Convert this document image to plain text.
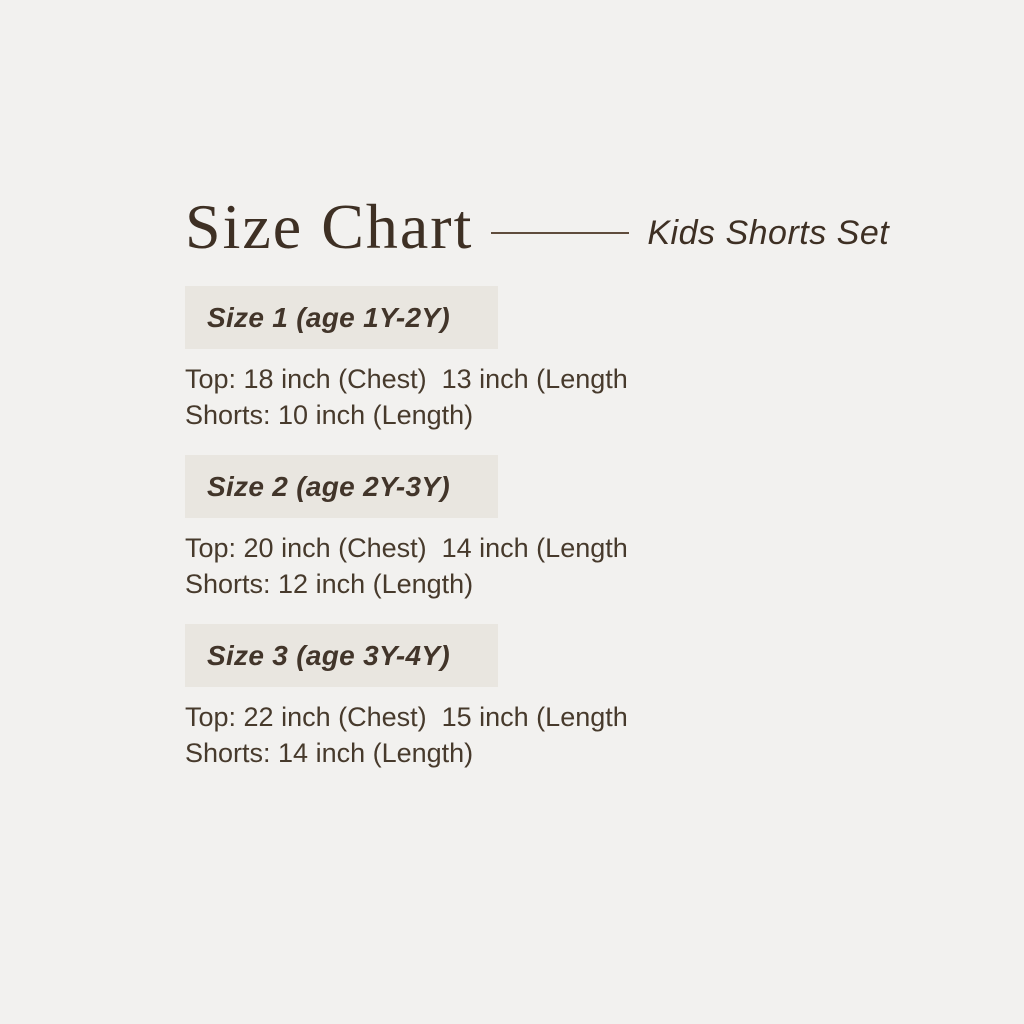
Size Chart	Kids Shorts Set
Size 1 (age 1Y-2Y)
Top: 18 inch (Chest)  13 inch (Length
Shorts: 10 inch (Length)
Size 2 (age 2Y-3Y)
Top: 20 inch (Chest)  14 inch (Length
Shorts: 12 inch (Length)
Size 3 (age 3Y-4Y)
Top: 22 inch (Chest)  15 inch (Length
Shorts: 14 inch (Length)
